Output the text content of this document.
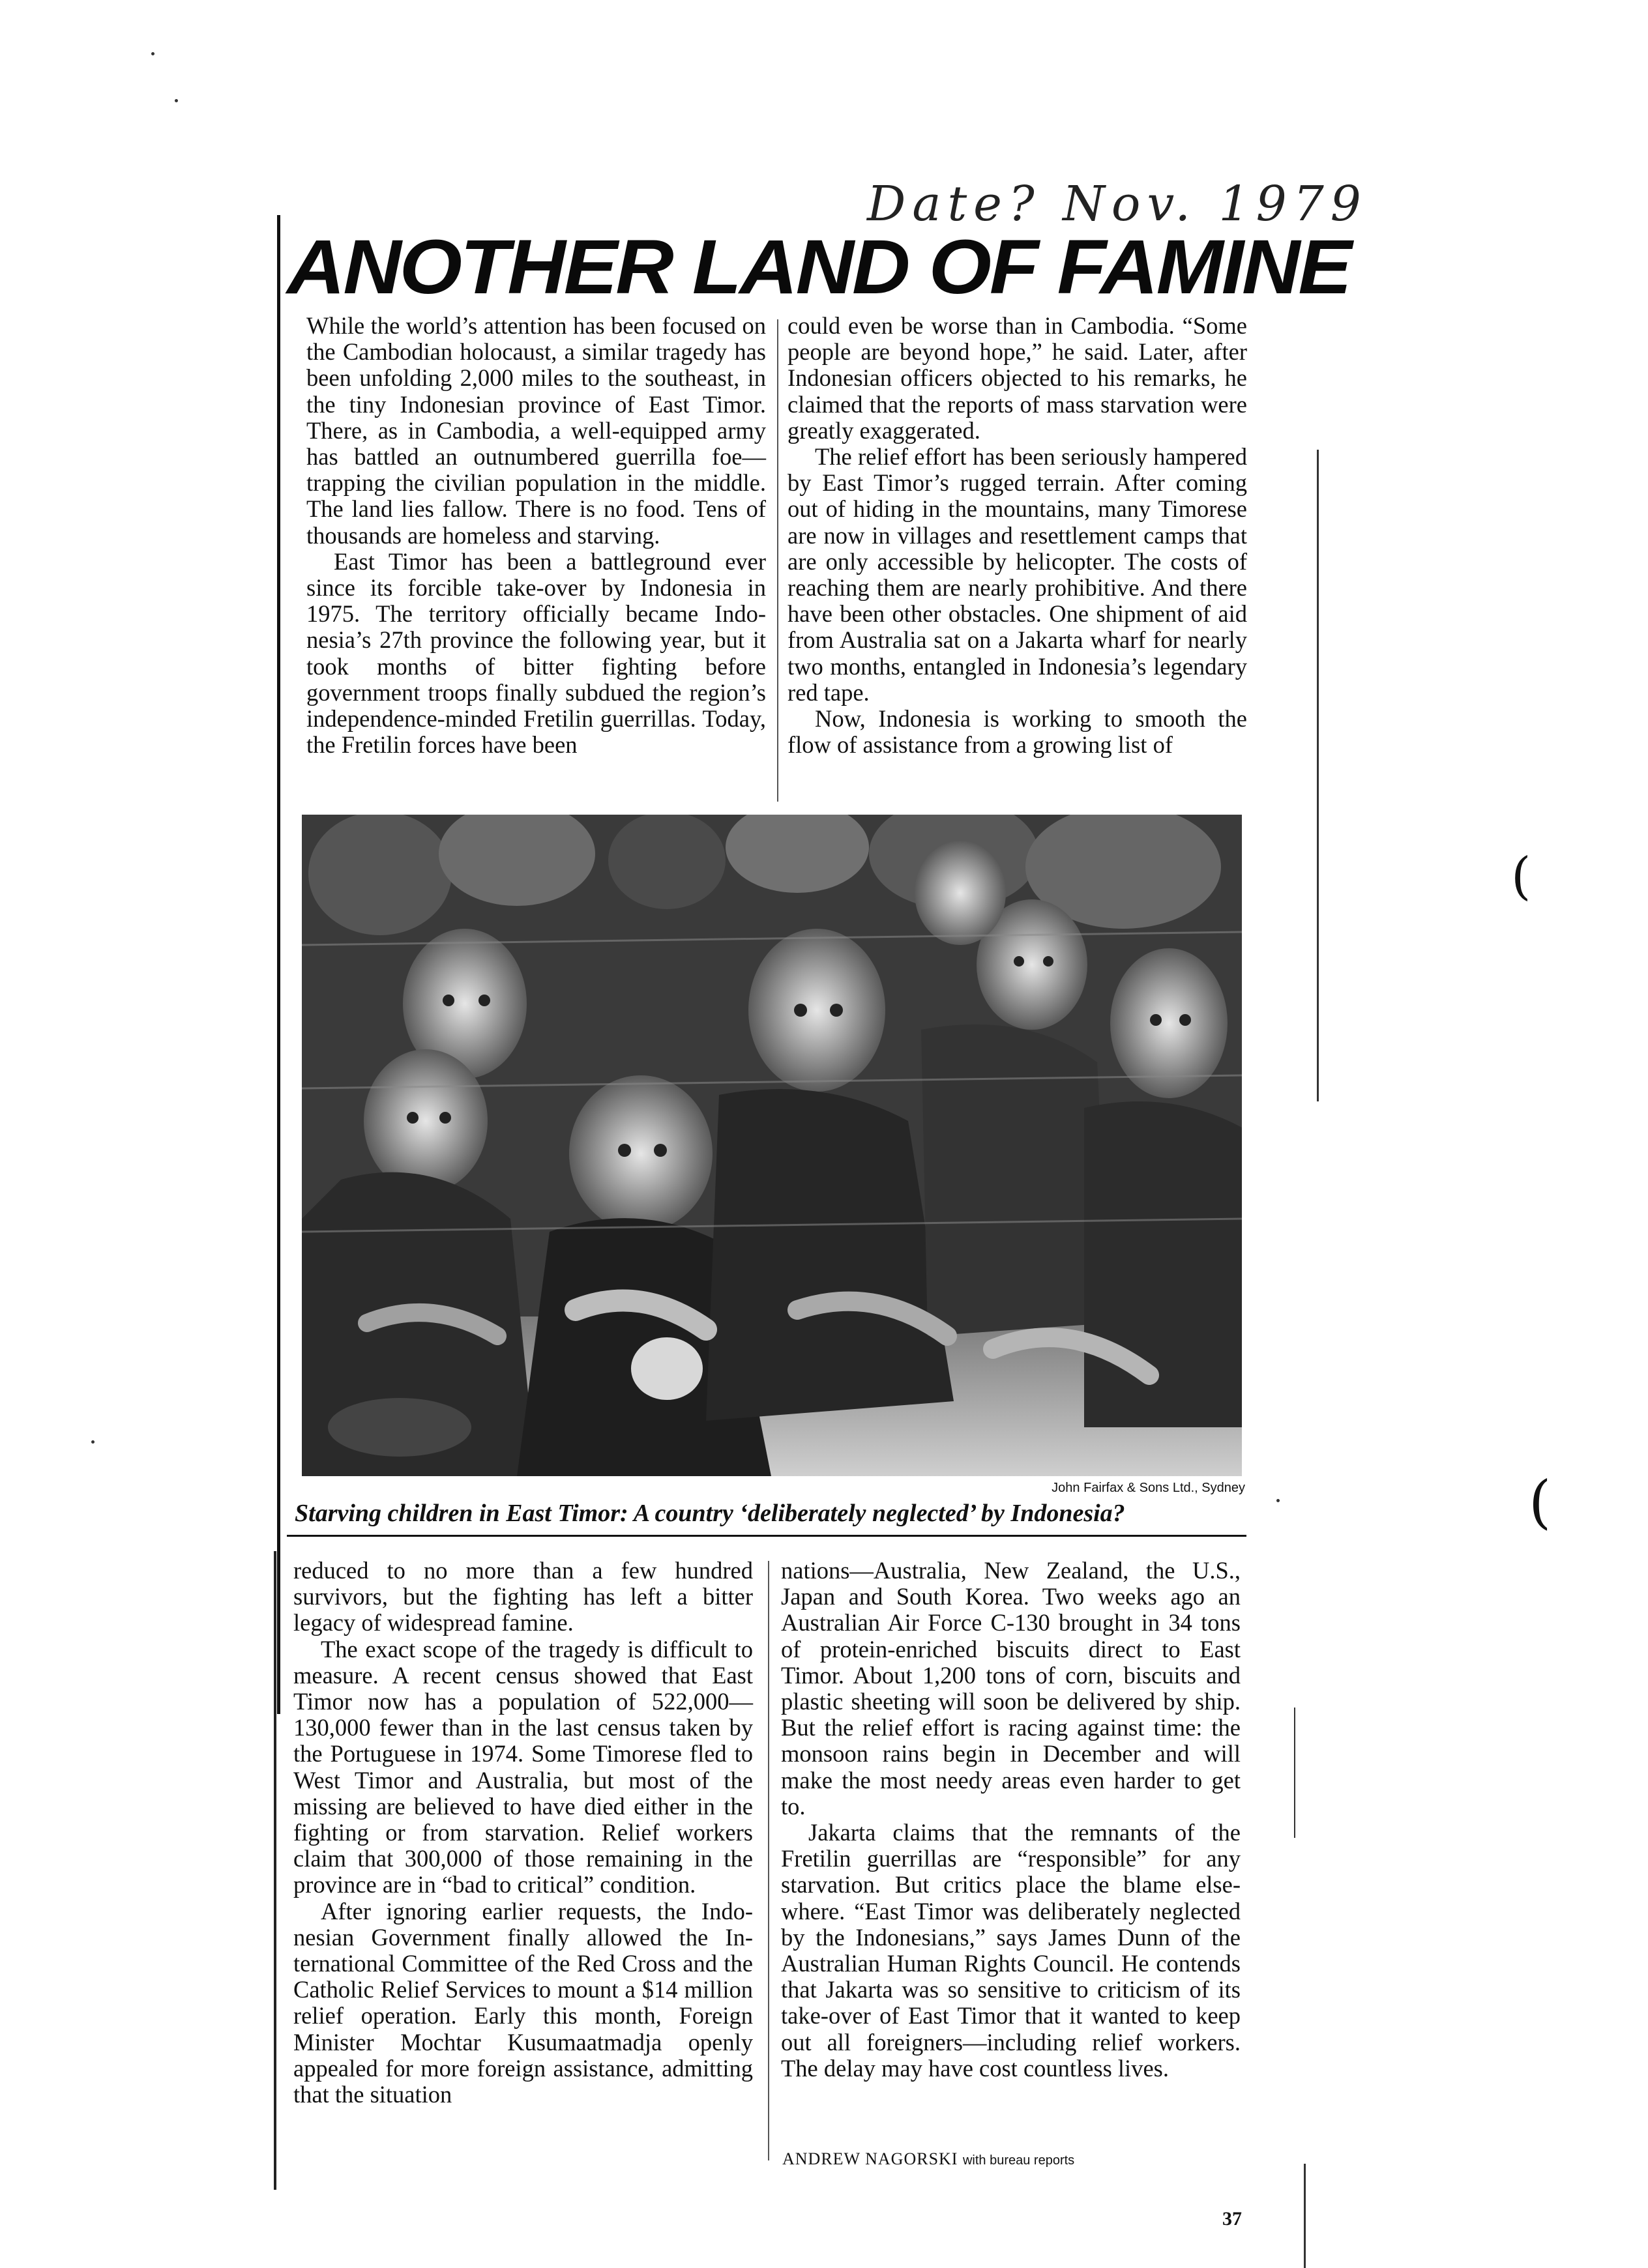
Date? Nov. 1979
ANOTHER LAND OF FAMINE

While the world’s attention has been focused on the Cambodian holocaust, a similar tragedy has been unfolding 2,000 miles to the southeast, in the tiny Indonesian province of East Timor. There, as in Cambodia, a well-equipped army has battled an outnumbered guerrilla foe—trapping the civilian population in the middle. The land lies fallow. There is no food. Tens of thousands are homeless and starving.

East Timor has been a battleground ever since its forcible take-over by Indonesia in 1975. The territory officially became Indonesia’s 27th province the following year, but it took months of bitter fighting before government troops finally subdued the region’s independence-minded Fretilin guerrillas. Today, the Fretilin forces have been

could even be worse than in Cambodia. “Some people are beyond hope,” he said. Later, after Indonesian officers objected to his remarks, he claimed that the reports of mass starvation were greatly exaggerated.

The relief effort has been seriously hampered by East Timor’s rugged terrain. After coming out of hiding in the mountains, many Timorese are now in villages and resettlement camps that are only accessible by helicopter. The costs of reaching them are nearly prohibitive. And there have been other obstacles. One shipment of aid from Australia sat on a Jakarta wharf for nearly two months, entangled in Indonesia’s legendary red tape.

Now, Indonesia is working to smooth the flow of assistance from a growing list of

John Fairfax & Sons Ltd., Sydney
Starving children in East Timor: A country ‘deliberately neglected’ by Indonesia?

reduced to no more than a few hundred survivors, but the fighting has left a bitter legacy of widespread famine.

The exact scope of the tragedy is difficult to measure. A recent census showed that East Timor now has a population of 522,000—130,000 fewer than in the last census taken by the Portuguese in 1974. Some Timorese fled to West Timor and Australia, but most of the missing are believed to have died either in the fighting or from starvation. Relief workers claim that 300,000 of those remaining in the province are in “bad to critical” condition.

After ignoring earlier requests, the Indonesian Government finally allowed the International Committee of the Red Cross and the Catholic Relief Services to mount a $14 million relief operation. Early this month, Foreign Minister Mochtar Kusumaatmadja openly appealed for more foreign assistance, admitting that the situation

nations—Australia, New Zealand, the U.S., Japan and South Korea. Two weeks ago an Australian Air Force C-130 brought in 34 tons of protein-enriched biscuits direct to East Timor. About 1,200 tons of corn, biscuits and plastic sheeting will soon be delivered by ship. But the relief effort is racing against time: the monsoon rains begin in December and will make the most needy areas even harder to get to.

Jakarta claims that the remnants of the Fretilin guerrillas are “responsible” for any starvation. But critics place the blame elsewhere. “East Timor was deliberately neglected by the Indonesians,” says James Dunn of the Australian Human Rights Council. He contends that Jakarta was so sensitive to criticism of its take-over of East Timor that it wanted to keep out all foreigners—including relief workers. The delay may have cost countless lives.

ANDREW NAGORSKI with bureau reports
37
(
(
